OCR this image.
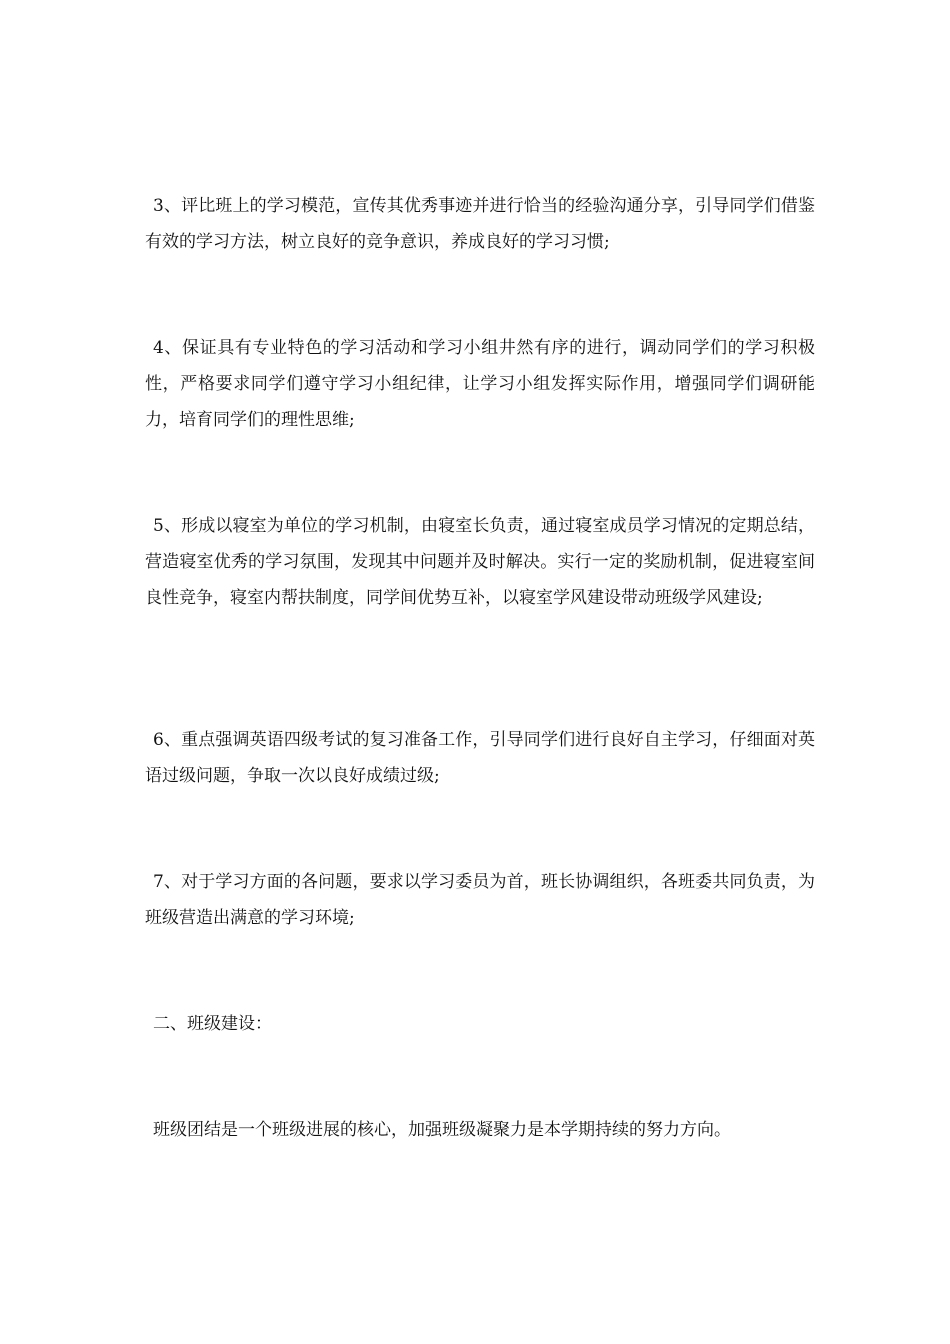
3、评比班上的学习模范，宣传其优秀事迹并进行恰当的经验沟通分享，引导同学们借鉴有效的学习方法，树立良好的竞争意识，养成良好的学习习惯;

4、保证具有专业特色的学习活动和学习小组井然有序的进行，调动同学们的学习积极性，严格要求同学们遵守学习小组纪律，让学习小组发挥实际作用，增强同学们调研能力，培育同学们的理性思维;

5、形成以寝室为单位的学习机制，由寝室长负责，通过寝室成员学习情况的定期总结，营造寝室优秀的学习氛围，发现其中问题并及时解决。实行一定的奖励机制，促进寝室间良性竞争，寝室内帮扶制度，同学间优势互补，以寝室学风建设带动班级学风建设;

6、重点强调英语四级考试的复习准备工作，引导同学们进行良好自主学习，仔细面对英语过级问题，争取一次以良好成绩过级;

7、对于学习方面的各问题，要求以学习委员为首，班长协调组织，各班委共同负责，为班级营造出满意的学习环境;

二、班级建设：

班级团结是一个班级进展的核心，加强班级凝聚力是本学期持续的努力方向。
